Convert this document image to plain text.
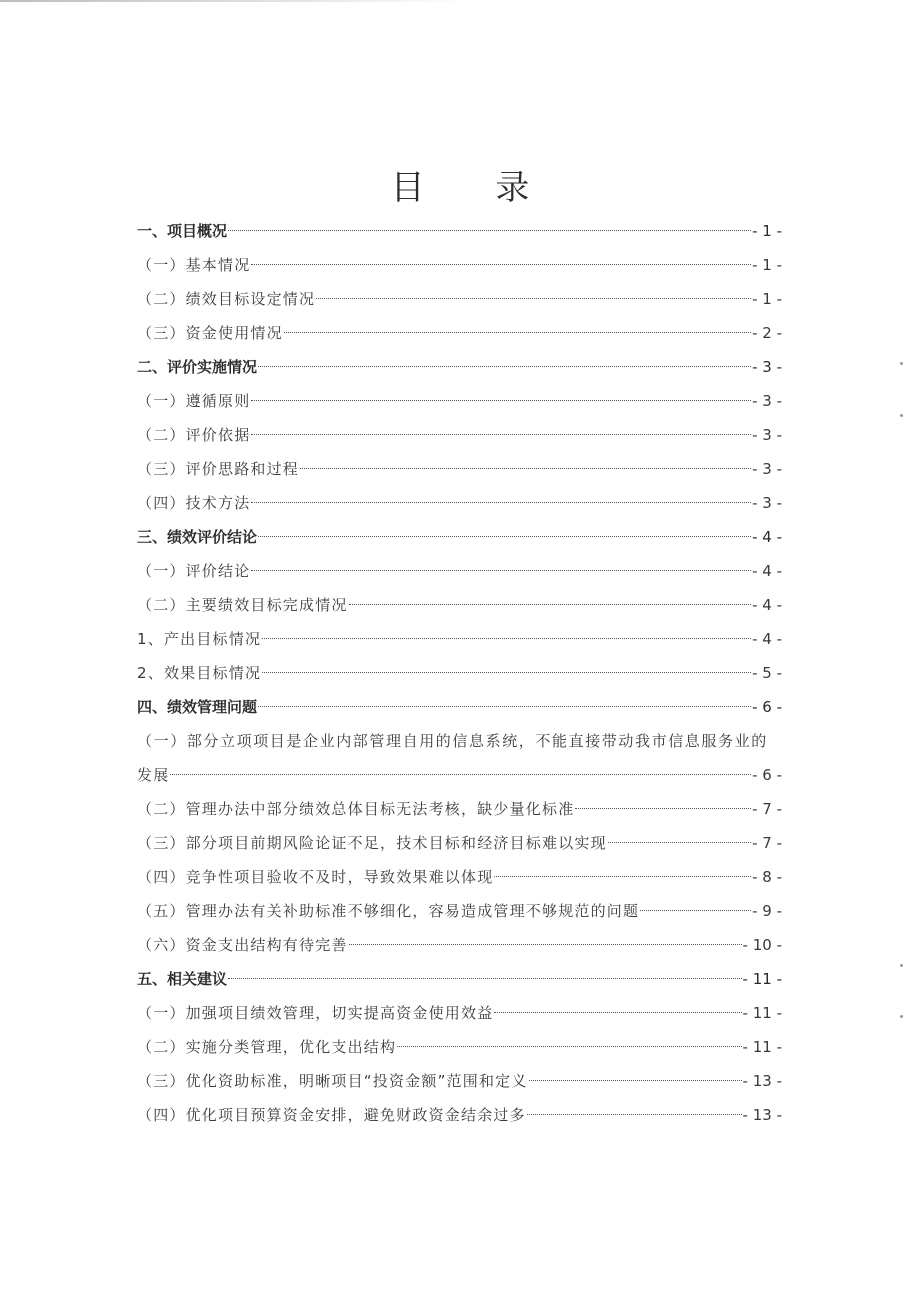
目 录
一、项目概况	- 1 -
（一）基本情况	- 1 -
（二）绩效目标设定情况	- 1 -
（三）资金使用情况	- 2 -
二、评价实施情况	- 3 -
（一）遵循原则	- 3 -
（二）评价依据	- 3 -
（三）评价思路和过程	- 3 -
（四）技术方法	- 3 -
三、绩效评价结论	- 4 -
（一）评价结论	- 4 -
（二）主要绩效目标完成情况	- 4 -
1、产出目标情况	- 4 -
2、效果目标情况	- 5 -
四、绩效管理问题	- 6 -
（一）部分立项项目是企业内部管理自用的信息系统，不能直接带动我市信息服务业的
发展	- 6 -
（二）管理办法中部分绩效总体目标无法考核，缺少量化标准	- 7 -
（三）部分项目前期风险论证不足，技术目标和经济目标难以实现	- 7 -
（四）竞争性项目验收不及时，导致效果难以体现	- 8 -
（五）管理办法有关补助标准不够细化，容易造成管理不够规范的问题	- 9 -
（六）资金支出结构有待完善	- 10 -
五、相关建议	- 11 -
（一）加强项目绩效管理，切实提高资金使用效益	- 11 -
（二）实施分类管理，优化支出结构	- 11 -
（三）优化资助标准，明晰项目“投资金额”范围和定义	- 13 -
（四）优化项目预算资金安排，避免财政资金结余过多	- 13 -
